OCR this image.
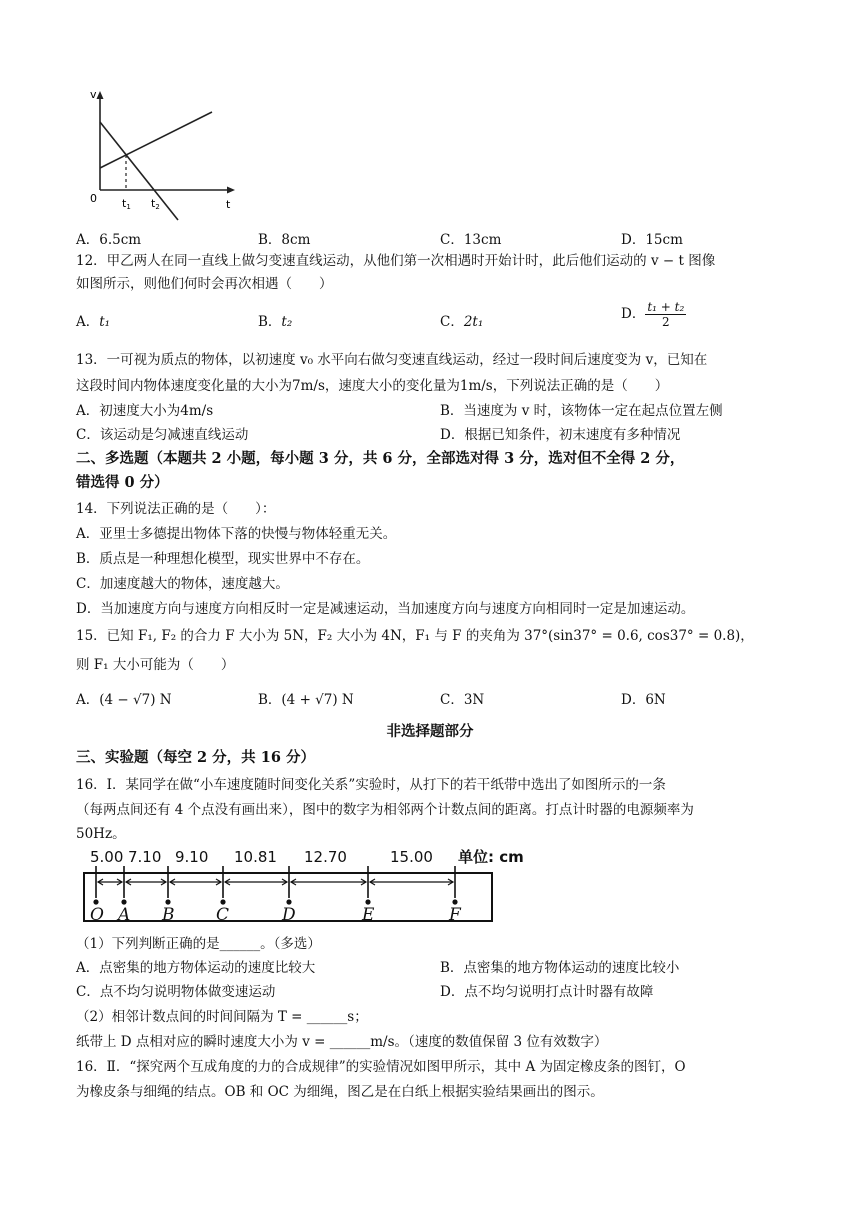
v
0 t1 t2	t
A．6.5cm	B．8cm	C．13cm	D．15cm
12．甲乙两人在同一直线上做匀变速直线运动，从他们第一次相遇时开始计时，此后他们运动的 v − t 图像
如图所示，则他们何时会再次相遇（　　）
A．t₁	B．t₂	C．2t₁	D． $\frac{\text{t₁ + t₂}}{2}$
13．一可视为质点的物体，以初速度 v₀ 水平向右做匀变速直线运动，经过一段时间后速度变为 v，已知在
这段时间内物体速度变化量的大小为7m/s，速度大小的变化量为1m/s，下列说法正确的是（　　）
A．初速度大小为4m/s	B．当速度为 v 时，该物体一定在起点位置左侧
C．该运动是匀减速直线运动	D．根据已知条件，初末速度有多种情况
二、多选题（本题共 2 小题，每小题 3 分，共 6 分，全部选对得 3 分，选对但不全得 2 分，
错选得 0 分）
14．下列说法正确的是（　　）：
A．亚里士多德提出物体下落的快慢与物体轻重无关。
B．质点是一种理想化模型，现实世界中不存在。
C．加速度越大的物体，速度越大。
D．当加速度方向与速度方向相反时一定是减速运动，当加速度方向与速度方向相同时一定是加速运动。
15．已知 F₁, F₂ 的合力 F 大小为 5N，F₂ 大小为 4N，F₁ 与 F 的夹角为 37°(sin37° = 0.6, cos37° = 0.8)，
则 F₁ 大小可能为（　　）
A．(4 − √7) N	B．(4 + √7) N	C．3N	D．6N
非选择题部分
三、实验题（每空 2 分，共 16 分）
16．Ⅰ．某同学在做“小车速度随时间变化关系”实验时，从打下的若干纸带中选出了如图所示的一条
（每两点间还有 4 个点没有画出来），图中的数字为相邻两个计数点间的距离。打点计时器的电源频率为
50Hz。
5.00 7.10 9.10 10.81 12.70	15.00 单位: cm
O A B C	D	E	F
（1）下列判断正确的是______。（多选）
A．点密集的地方物体运动的速度比较大	B．点密集的地方物体运动的速度比较小
C．点不均匀说明物体做变速运动	D．点不均匀说明打点计时器有故障
（2）相邻计数点间的时间间隔为 T = ______s；
纸带上 D 点相对应的瞬时速度大小为 v = ______m/s。（速度的数值保留 3 位有效数字）
16．Ⅱ．“探究两个互成角度的力的合成规律”的实验情况如图甲所示，其中 A 为固定橡皮条的图钉，O
为橡皮条与细绳的结点。OB 和 OC 为细绳，图乙是在白纸上根据实验结果画出的图示。
